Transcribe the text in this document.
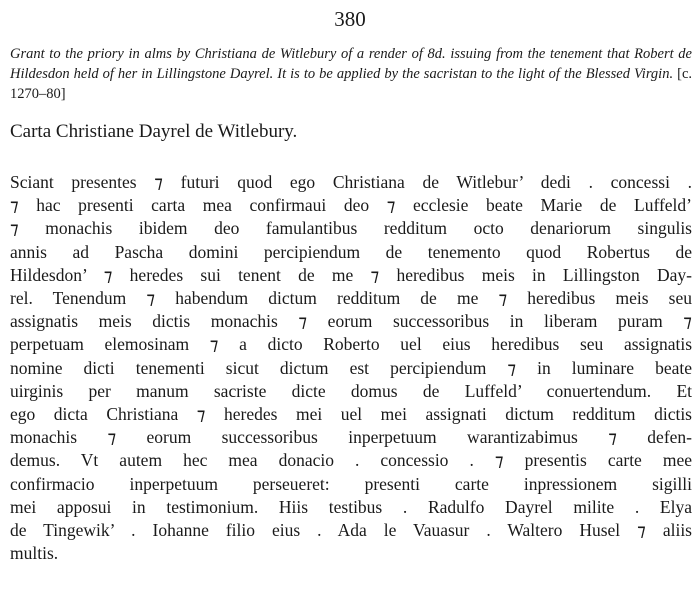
380

Grant to the priory in alms by Christiana de Witlebury of a render of 8d. issuing from the tenement that Robert de Hildesdon held of her in Lillingstone Dayrel. It is to be applied by the sacristan to the light of the Blessed Virgin. [c. 1270–80]

Carta Christiane Dayrel de Witlebury.

Sciant presentes ⁊ futuri quod ego Christiana de Witlebur’ dedi . concessi .
⁊ hac presenti carta mea confirmaui deo ⁊ ecclesie beate Marie de Luffeld’
⁊ monachis ibidem deo famulantibus redditum octo denariorum singulis
annis ad Pascha domini percipiendum de tenemento quod Robertus de
Hildesdon’ ⁊ heredes sui tenent de me ⁊ heredibus meis in Lillingston Day-
rel. Tenendum ⁊ habendum dictum redditum de me ⁊ heredibus meis seu
assignatis meis dictis monachis ⁊ eorum successoribus in liberam puram ⁊
perpetuam elemosinam ⁊ a dicto Roberto uel eius heredibus seu assignatis
nomine dicti tenementi sicut dictum est percipiendum ⁊ in luminare beate
uirginis per manum sacriste dicte domus de Luffeld’ conuertendum. Et
ego dicta Christiana ⁊ heredes mei uel mei assignati dictum redditum dictis
monachis ⁊ eorum successoribus inperpetuum warantizabimus ⁊ defen-
demus. Vt autem hec mea donacio . concessio . ⁊ presentis carte mee
confirmacio inperpetuum perseueret: presenti carte inpressionem sigilli
mei apposui in testimonium. Hiis testibus . Radulfo Dayrel milite . Elya
de Tingewik’ . Iohanne filio eius . Ada le Vauasur . Waltero Husel ⁊ aliis
multis.
